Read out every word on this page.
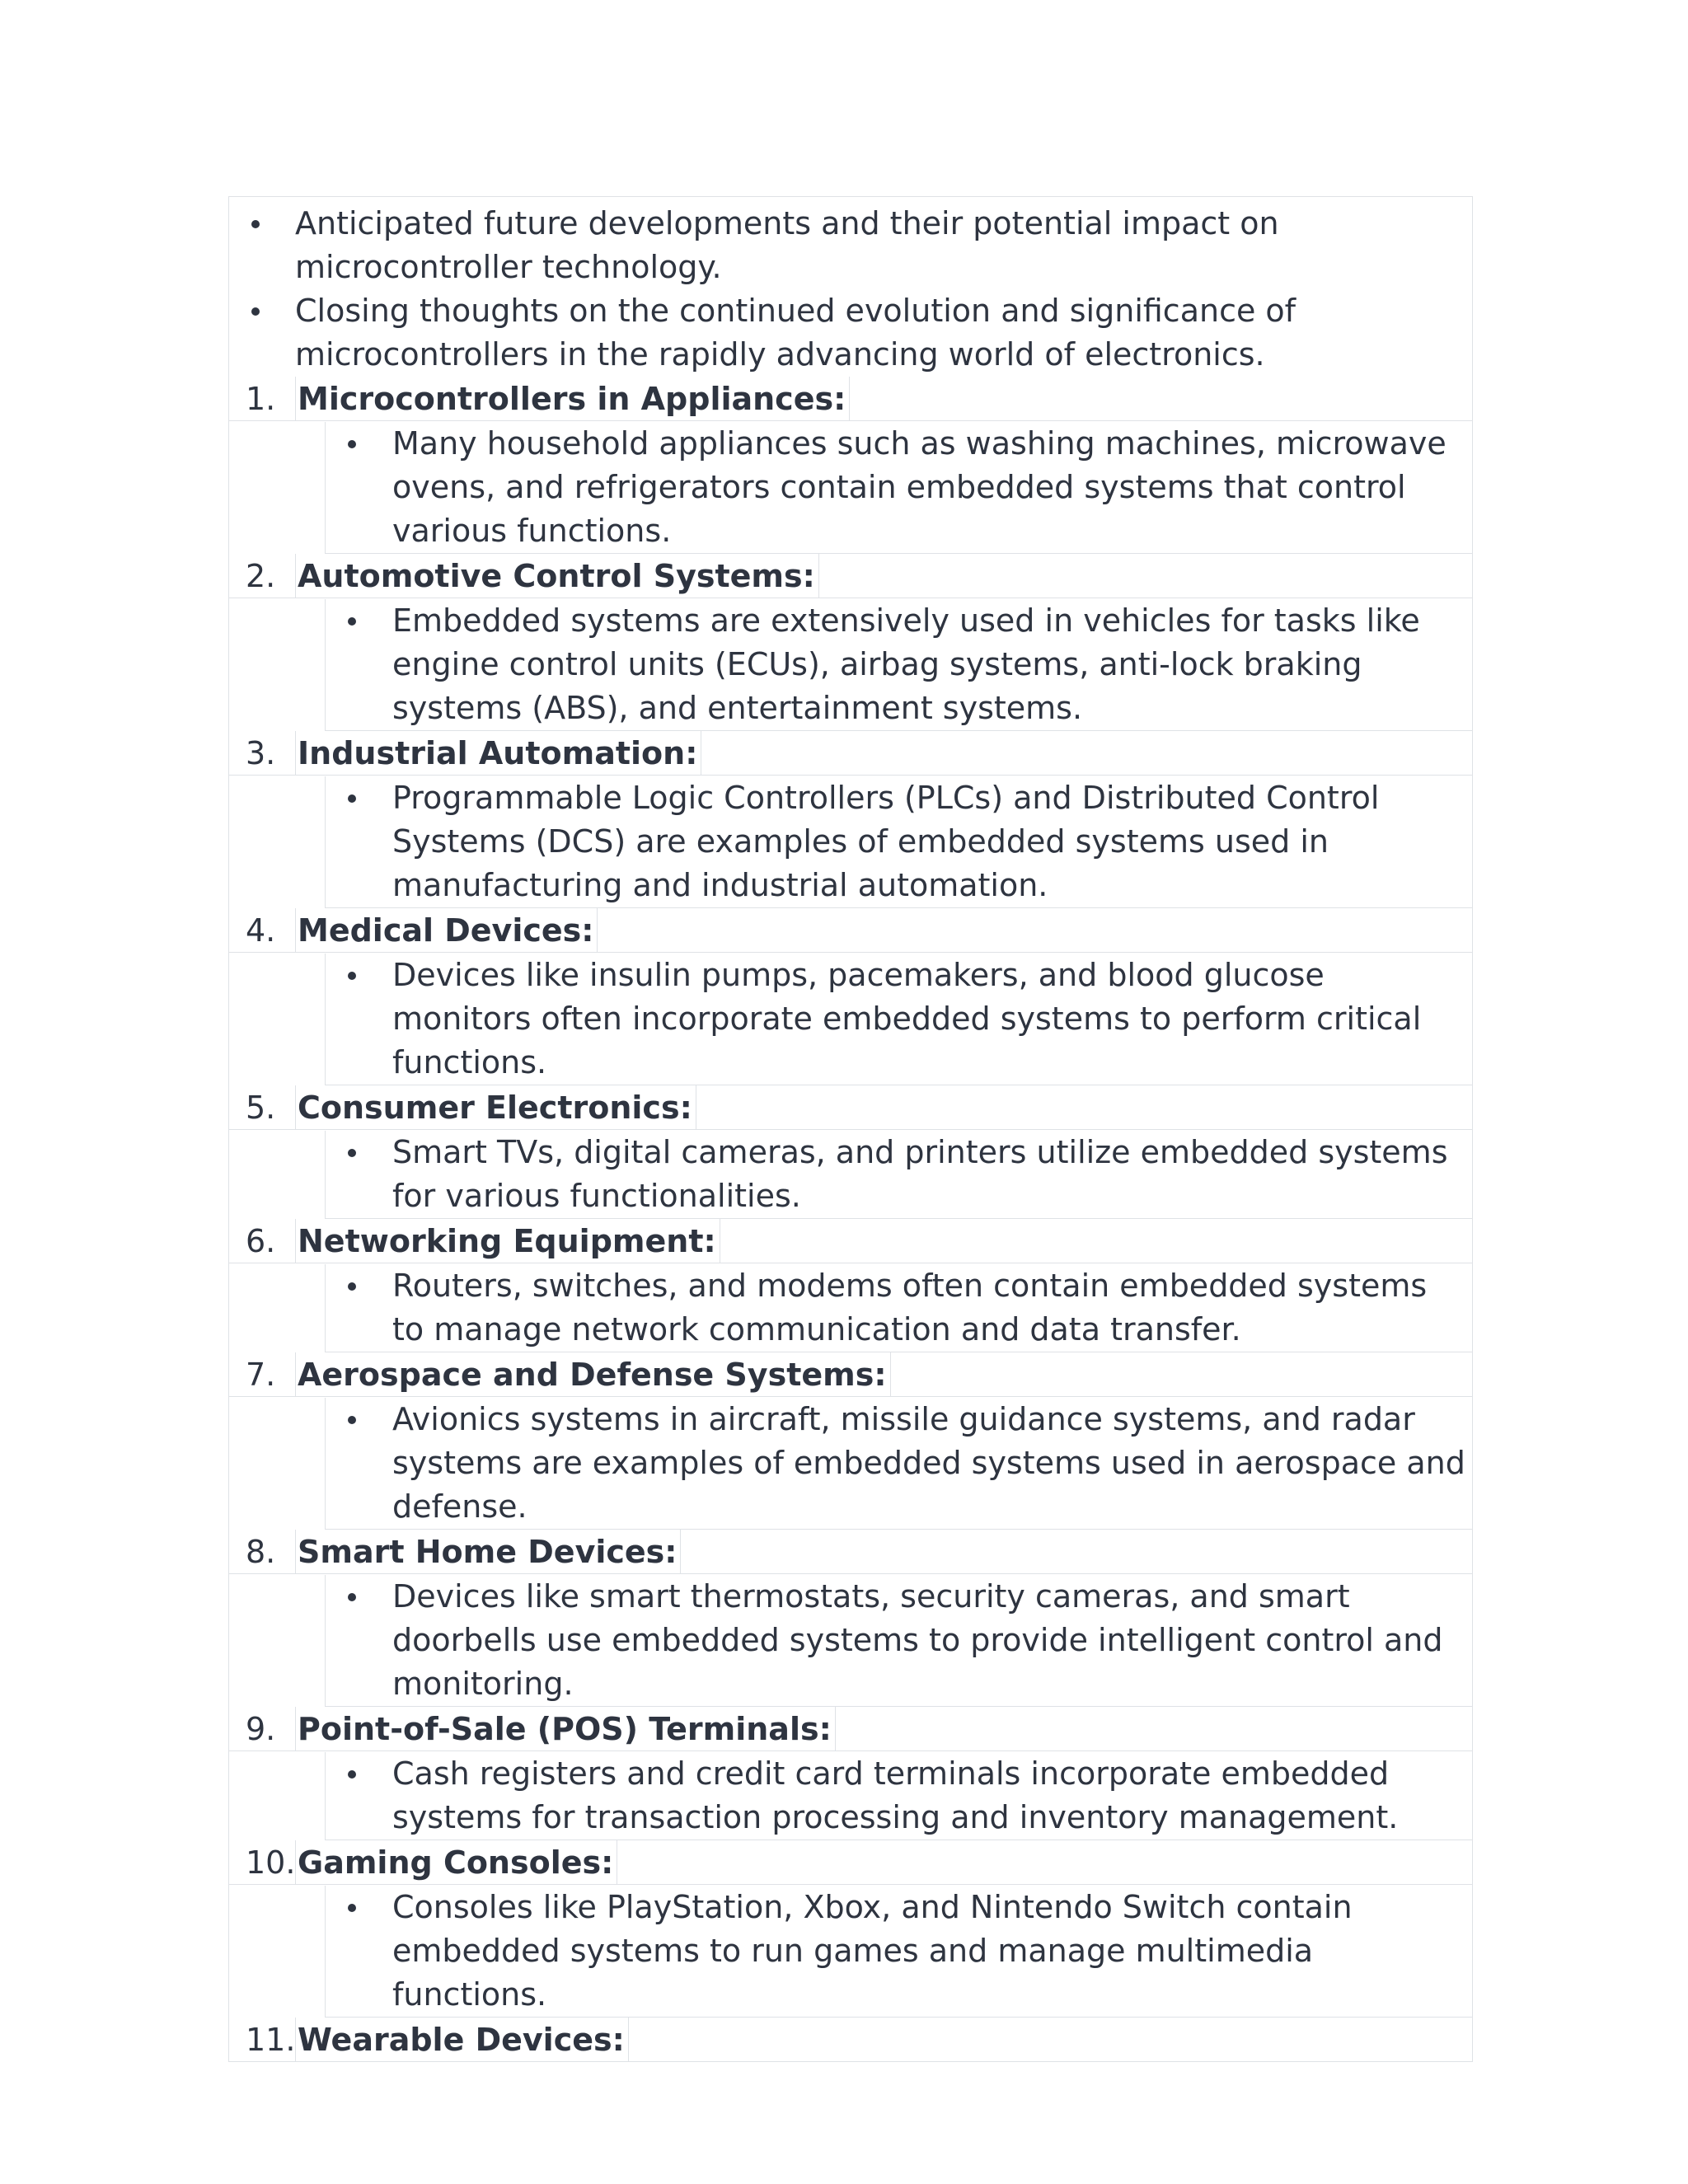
Anticipated future developments and their potential impact on microcontroller technology.
Closing thoughts on the continued evolution and significance of microcontrollers in the rapidly advancing world of electronics.
1. Microcontrollers in Appliances:
Many household appliances such as washing machines, microwave ovens, and refrigerators contain embedded systems that control various functions.
2. Automotive Control Systems:
Embedded systems are extensively used in vehicles for tasks like engine control units (ECUs), airbag systems, anti-lock braking systems (ABS), and entertainment systems.
3. Industrial Automation:
Programmable Logic Controllers (PLCs) and Distributed Control Systems (DCS) are examples of embedded systems used in manufacturing and industrial automation.
4. Medical Devices:
Devices like insulin pumps, pacemakers, and blood glucose monitors often incorporate embedded systems to perform critical functions.
5. Consumer Electronics:
Smart TVs, digital cameras, and printers utilize embedded systems for various functionalities.
6. Networking Equipment:
Routers, switches, and modems often contain embedded systems to manage network communication and data transfer.
7. Aerospace and Defense Systems:
Avionics systems in aircraft, missile guidance systems, and radar systems are examples of embedded systems used in aerospace and defense.
8. Smart Home Devices:
Devices like smart thermostats, security cameras, and smart doorbells use embedded systems to provide intelligent control and monitoring.
9. Point-of-Sale (POS) Terminals:
Cash registers and credit card terminals incorporate embedded systems for transaction processing and inventory management.
10. Gaming Consoles:
Consoles like PlayStation, Xbox, and Nintendo Switch contain embedded systems to run games and manage multimedia functions.
11. Wearable Devices:
